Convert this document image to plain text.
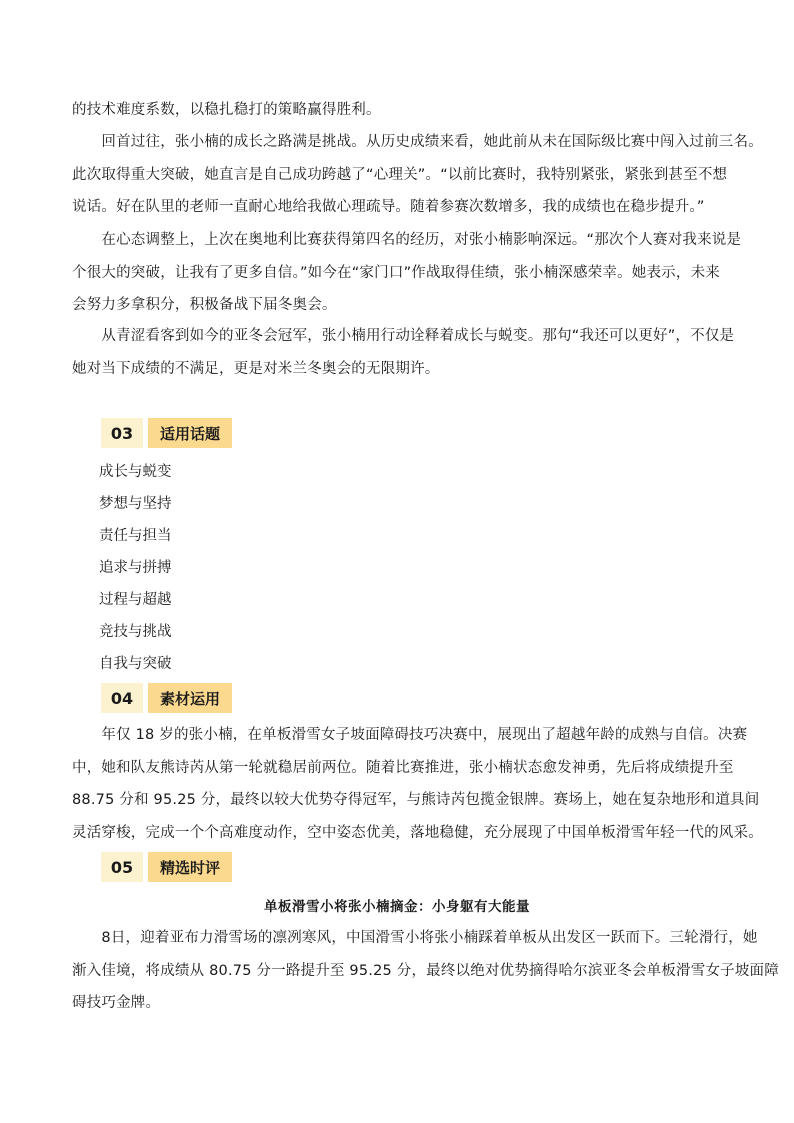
的技术难度系数，以稳扎稳打的策略赢得胜利。
　　回首过往，张小楠的成长之路满是挑战。从历史成绩来看，她此前从未在国际级比赛中闯入过前三名。
此次取得重大突破，她直言是自己成功跨越了“心理关”。“以前比赛时，我特别紧张，紧张到甚至不想
说话。好在队里的老师一直耐心地给我做心理疏导。随着参赛次数增多，我的成绩也在稳步提升。”
　　在心态调整上，上次在奥地利比赛获得第四名的经历，对张小楠影响深远。“那次个人赛对我来说是
个很大的突破，让我有了更多自信。”如今在“家门口”作战取得佳绩，张小楠深感荣幸。她表示，未来
会努力多拿积分，积极备战下届冬奥会。
　　从青涩看客到如今的亚冬会冠军，张小楠用行动诠释着成长与蜕变。那句“我还可以更好”，不仅是
她对当下成绩的不满足，更是对米兰冬奥会的无限期许。
03	适用话题
成长与蜕变
梦想与坚持
责任与担当
追求与拼搏
过程与超越
竞技与挑战
自我与突破
04	素材运用
　　年仅 18 岁的张小楠，在单板滑雪女子坡面障碍技巧决赛中，展现出了超越年龄的成熟与自信。决赛
中，她和队友熊诗芮从第一轮就稳居前两位。随着比赛推进，张小楠状态愈发神勇，先后将成绩提升至
88.75 分和 95.25 分，最终以较大优势夺得冠军，与熊诗芮包揽金银牌。赛场上，她在复杂地形和道具间
灵活穿梭，完成一个个高难度动作，空中姿态优美，落地稳健，充分展现了中国单板滑雪年轻一代的风采。
05	精选时评
单板滑雪小将张小楠摘金：小身躯有大能量
　　8日，迎着亚布力滑雪场的凛冽寒风，中国滑雪小将张小楠踩着单板从出发区一跃而下。三轮滑行，她
渐入佳境，将成绩从 80.75 分一路提升至 95.25 分，最终以绝对优势摘得哈尔滨亚冬会单板滑雪女子坡面障
碍技巧金牌。
